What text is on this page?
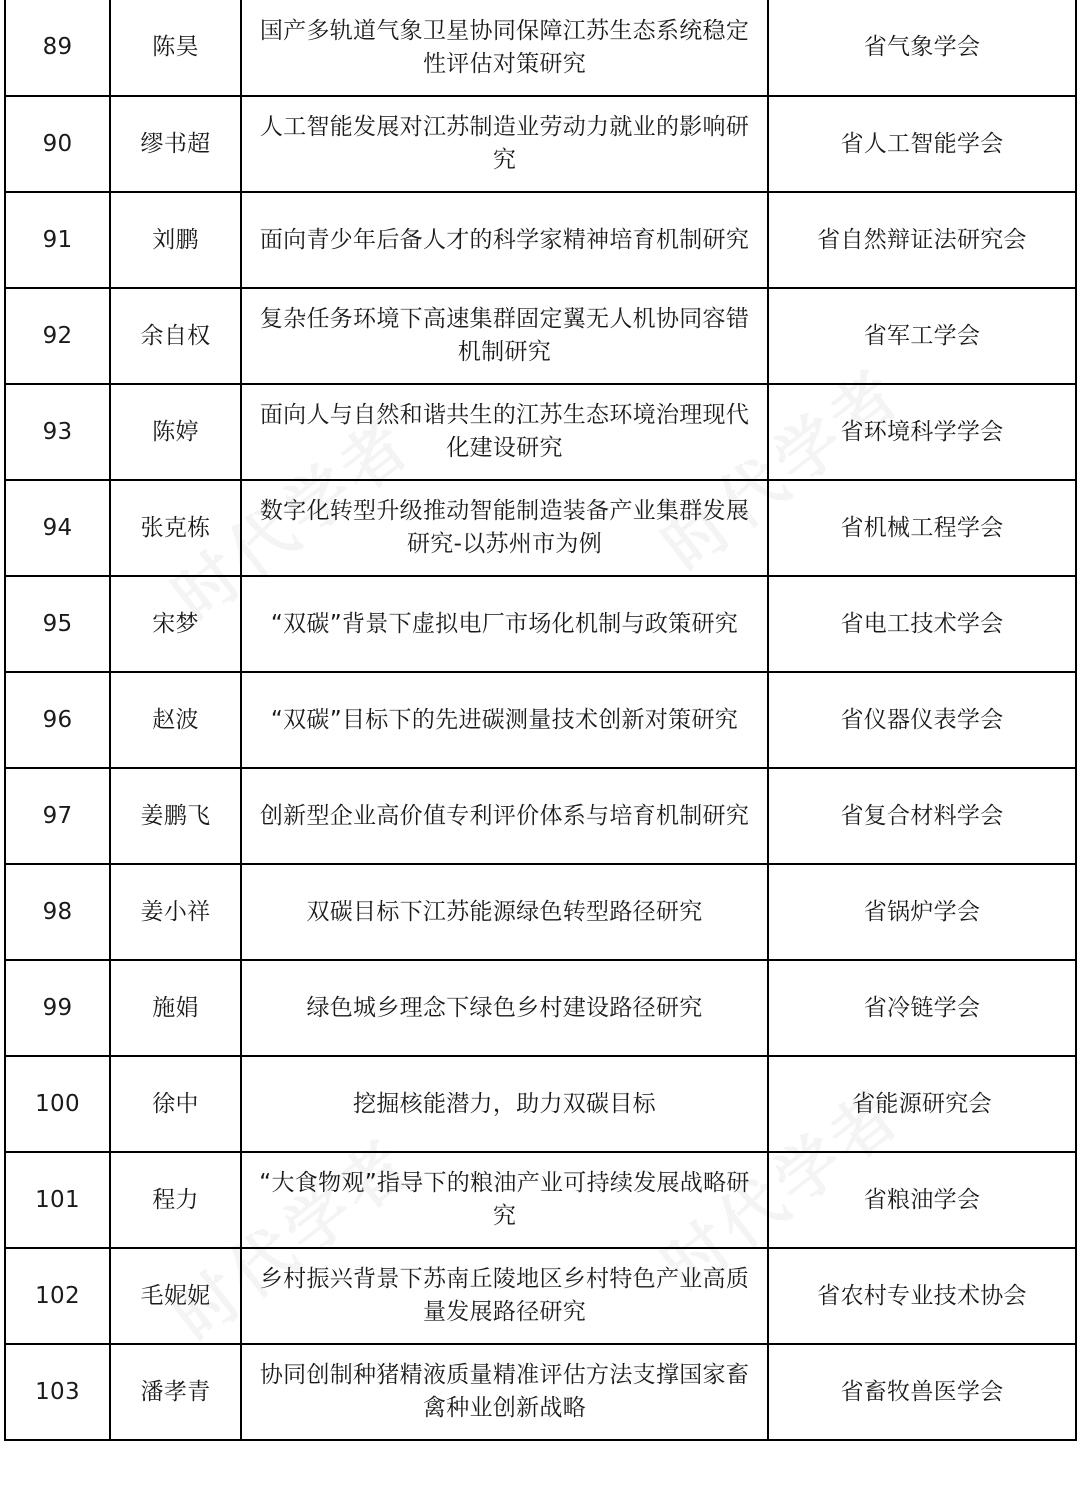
89	陈昊	国产多轨道气象卫星协同保障江苏生态系统稳定性评估对策研究	省气象学会
90	缪书超	人工智能发展对江苏制造业劳动力就业的影响研究	省人工智能学会
91	刘鹏	面向青少年后备人才的科学家精神培育机制研究	省自然辩证法研究会
92	余自权	复杂任务环境下高速集群固定翼无人机协同容错机制研究	省军工学会
93	陈婷	面向人与自然和谐共生的江苏生态环境治理现代化建设研究	省环境科学学会
94	张克栋	数字化转型升级推动智能制造装备产业集群发展研究-以苏州市为例	省机械工程学会
95	宋梦	“双碳”背景下虚拟电厂市场化机制与政策研究	省电工技术学会
96	赵波	“双碳”目标下的先进碳测量技术创新对策研究	省仪器仪表学会
97	姜鹏飞	创新型企业高价值专利评价体系与培育机制研究	省复合材料学会
98	姜小祥	双碳目标下江苏能源绿色转型路径研究	省锅炉学会
99	施娟	绿色城乡理念下绿色乡村建设路径研究	省冷链学会
100	徐中	挖掘核能潜力，助力双碳目标	省能源研究会
101	程力	“大食物观”指导下的粮油产业可持续发展战略研究	省粮油学会
102	毛妮妮	乡村振兴背景下苏南丘陵地区乡村特色产业高质量发展路径研究	省农村专业技术协会
103	潘孝青	协同创制种猪精液质量精准评估方法支撑国家畜禽种业创新战略	省畜牧兽医学会
